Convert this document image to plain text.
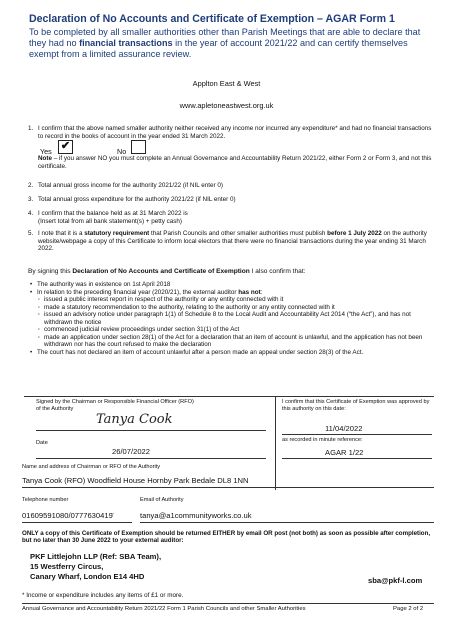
Declaration of No Accounts and Certificate of Exemption – AGAR Form 1
To be completed by all smaller authorities other than Parish Meetings that are able to declare that they had no financial transactions in the year of account 2021/22 and can certify themselves exempt from a limited assurance review.
Applton East & West
www.apletoneastwest.org.uk
1. I confirm that the above named smaller authority neither received any income nor incurred any expenditure* and had no financial transactions to record in the books of account in the year ended 31 March 2022.
Yes ✔	No
Note – if you answer NO you must complete an Annual Governance and Accountability Return 2021/22, either Form 2 or Form 3, and not this certificate.
2. Total annual gross income for the authority 2021/22 (if NIL enter 0)
3. Total annual gross expenditure for the authority 2021/22 (if NIL enter 0)
4. I confirm that the balance held as at 31 March 2022 is
(Insert total from all bank statement(s) + petty cash)
5. I note that it is a statutory requirement that Parish Councils and other smaller authorities must publish before 1 July 2022 on the authority website/webpage a copy of this Certificate to inform local electors that there were no financial transactions during the year ending 31 March 2022.
By signing this Declaration of No Accounts and Certificate of Exemption I also confirm that:
• The authority was in existence on 1st April 2018
• In relation to the preceding financial year (2020/21), the external auditor has not:
· issued a public interest report in respect of the authority or any entity connected with it
· made a statutory recommendation to the authority, relating to the authority or any entity connected with it
· issued an advisory notice under paragraph 1(1) of Schedule 8 to the Local Audit and Accountability Act 2014 (“the Act”), and has not withdrawn the notice
· commenced judicial review proceedings under section 31(1) of the Act
· made an application under section 28(1) of the Act for a declaration that an item of account is unlawful, and the application has not been withdrawn nor has the court refused to make the declaration
• The court has not declared an item of account unlawful after a person made an appeal under section 28(3) of the Act.
Signed by the Chairman or Responsible Financial Officer (RFO) of the Authority
Tanya Cook
Date
26/07/2022
I confirm that this Certificate of Exemption was approved by this authority on this date:
11/04/2022
as recorded in minute reference:
AGAR 1/22
Name and address of Chairman or RFO of the Authority
Tanya Cook (RFO) Woodfield House Hornby Park Bedale DL8 1NN
Telephone number
01609591080/0777630419̈
Email of Authority
tanya@a1communityworks.co.uk
ONLY a copy of this Certificate of Exemption should be returned EITHER by email OR post (not both) as soon as possible after completion, but no later than 30 June 2022 to your external auditor:
PKF Littlejohn LLP (Ref: SBA Team),
15 Westferry Circus,
Canary Wharf, London E14 4HD	sba@pkf-l.com
* Income or expenditure includes any items of £1 or more.
Annual Governance and Accountability Return 2021/22 Form 1 Parish Councils and other Smaller Authorities	Page 2 of 2
